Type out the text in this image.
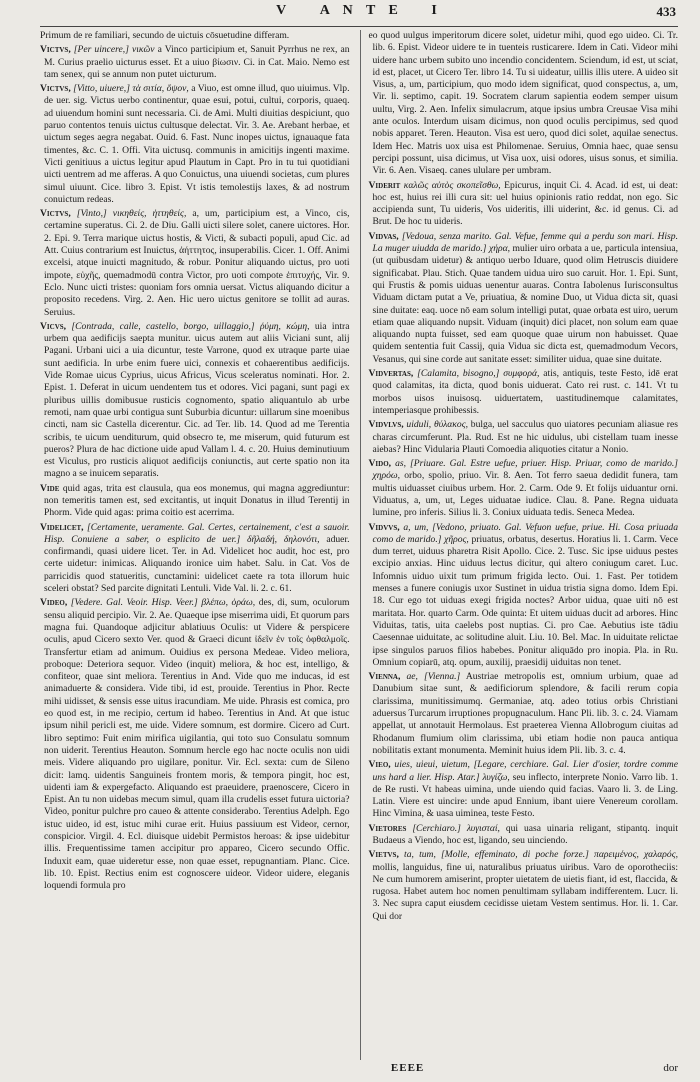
V A N T E I	433

Primum de re familiari, secundo de uictuis cōsuetudine differam.

Victvs, [Per uincere,] νικῶν a Vinco participium et, Sanuit Pyrrhus ne rex, an M. Curius praelio uicturus esset. Et a uiuo βίωσιν. Ci. in Cat. Maio. Nemo est tam senex, qui se annum non putet uicturum.

Victvs, [Vitto, uiuere,] τὰ σιτία, ὄψον, a Viuo, est omne illud, quo uiuimus. Vlp. de uer. sig. Victus uerbo continentur, quae esui, potui, cultui, corporis, quaeq. ad uiuendum homini sunt necessaria. Ci. de Ami. Multi diuitias despiciunt, quo paruo contentos tenuis uictus cultusque delectat. Vir. 3. Ae. Arebant herbae, et uictum seges aegra negabat. Ouid. 6. Fast. Nunc inopes uictus, ignauaque fata timentes, &c. C. 1. Offi. Vita uictusq. communis in amicitijs ingenti maxime. Victi genitiuus a uictus legitur apud Plautum in Capt. Pro in tu tui quotidiani uicti uentrem ad me afferas. A quo Conuictus, una uiuendi societas, cum plures simul uiuunt. Cice. libro 3. Epist. Vt istis temolestijs laxes, & ad nostrum conuictum redeas.

Victvs, [Vinto,] νικηθείς, ἡττηθείς, a, um, participium est, a Vinco, cis, certamine superatus. Ci. 2. de Diu. Galli uicti silere solet, canere uictores. Hor. 2. Epi. 9. Terra marique uictus hostis, & Victi, & subacti populi, apud Cic. ad Att. Cuius contrarium est Inuictus, ἀήττητος, insuperabilis. Cicer. 1. Off. Animi excelsi, atque inuicti magnitudo, & robur. Ponitur aliquando uictus, pro uoti impote, εὐχῆς, quemadmodū contra Victor, pro uoti compote ἐπιτυχής, Vir. 9. Eclo. Nunc uicti tristes: quoniam fors omnia uersat. Victus aliquando dicitur a proposito recedens. Virg. 2. Aen. Hic uero uictus genitore se tollit ad auras. Seruius.

Vicvs, [Contrada, calle, castello, borgo, uillaggio,] ῥύμη, κώμη, uia intra urbem qua aedificijs saepta munitur. uicus autem aut aliis Viciani sunt, alij Pagani. Urbani uici a uia dicuntur, teste Varrone, quod ex utraque parte uiae sunt aedificia. In urbe enim fuere uici, connexis et cohaerentibus aedificijs. Vide Romae uicus Cyprius, uicus Africus, Vicus sceleratus nominati. Hor. 2. Epist. 1. Deferat in uicum uendentem tus et odores. Vici pagani, sunt pagi ex pluribus uillis domibusue rusticis cognomento, spatio aliquantulo ab urbe remoti, nam quae urbi contigua sunt Suburbia dicuntur: uillarum sine moenibus cincti, nam sic Castella dicerentur. Cic. ad Ter. lib. 14. Quod ad me Terentia scribis, te uicum uenditurum, quid obsecro te, me miserum, quid futurum est pueros? Plura de hac dictione uide apud Vallam l. 4. c. 20. Huius deminutiuum est Viculus, pro rusticis aliquot aedificijs coniunctis, aut certe spatio non ita magno a se inuicem separatis.

Vide quid agas, trita est clausula, qua eos monemus, qui magna aggrediuntur: non temeritis tamen est, sed excitantis, ut inquit Donatus in illud Terentij in Phorm. Vide quid agas: prima coitio est acerrima.

Videlicet, [Certamente, ueramente. Gal. Certes, certainement, c'est a sauoir. Hisp. Conuiene a saber, o esplicito de uer.] δῆλαδή, δηλονότι, aduer. confirmandi, quasi uidere licet. Ter. in Ad. Videlicet hoc audit, hoc est, pro certe uidetur: inimicas. Aliquando ironice uim habet. Salu. in Cat. Vos de parricidis quod statueritis, cunctamini: uidelicet caete ra tota illorum huic sceleri obstat? Sed parcite dignitati Lentuli. Vide Val. li. 2. c. 61.

Video, [Vedere. Gal. Veoir. Hisp. Veer.] βλέπω, ὁράω, des, di, sum, oculorum sensu aliquid percipio. Vir. 2. Ae. Quaeque ipse miserrima uidi, Et quorum pars magna fui. Quandoque adjicitur ablatiuus Oculis: ut Videre & perspicere oculis, apud Cicero sexto Ver. quod & Graeci dicunt ἰδεῖν ἐν τοῖς ὀφθαλμοῖς. Transfertur etiam ad animum. Ouidius ex persona Medeae. Video meliora, proboque: Deteriora sequor. Video (inquit) meliora, & hoc est, intelligo, & confiteor, quae sint meliora. Terentius in And. Vide quo me inducas, id est animaduerte & considera. Vide tibi, id est, prouide. Terentius in Phor. Recte mihi uidisset, & sensis esse uitus iracundiam. Me uide. Phrasis est comica, pro eo quod est, in me recipio, certum id habeo. Terentius in And. At que istuc ipsum nihil pericli est, me uide. Videre somnum, est dormire. Cicero ad Curt. libro septimo: Fuit enim mirifica uigilantia, qui toto suo Consulatu somnum non uiderit. Terentius Heauton. Somnum hercle ego hac nocte oculis non uidi meis. Videre aliquando pro uigilare, ponitur. Vir. Ecl. sexta: cum de Sileno dicit: lamq. uidentis Sanguineis frontem moris, & tempora pingit, hoc est, uidenti iam & expergefacto. Aliquando est praeuidere, praenoscere, Cicero in Epist. An tu non uidebas mecum simul, quam illa crudelis esset futura uictoria? Video, ponitur pulchre pro caueo & attente considerabo. Terentius Adelph. Ego istuc uideo, id est, istuc mihi curae erit. Huius passiuum est Videor, cernor, conspicior. Virgil. 4. Ecl. diuisque uidebit Permistos heroas: & ipse uidebitur illis. Frequentissime tamen accipitur pro appareo, Cicero secundo Offic. Induxit eam, quae uideretur esse, non quae esset, repugnantiam. Planc. Cice. lib. 10. Epist. Rectius enim est cognoscere uideor. Videor uidere, eleganis loquendi formula pro

eo quod uulgus imperitorum dicere solet, uidetur mihi, quod ego uideo. Ci. Tr. lib. 6. Epist. Videor uidere te in tuenteis rusticarere. Idem in Cati. Videor mihi uidere hanc urbem subito uno incendio concidentem. Sciendum, id est, ut sciat, id est, placet, ut Cicero Ter. libro 14. Tu si uideatur, uillis illis utere. A uideo sit Visus, a, um, participium, quo modo idem significat, quod conspectus, a, um, Vir. li. septimo, capit. 19. Socratem clarum sapientia eodem semper uisum uultu, Virg. 2. Aen. Infelix simulacrum, atque ipsius umbra Creusae Visa mihi ante oculos. Interdum uisam dicimus, non quod oculis percipimus, sed quod nobis apparet. Teren. Heauton. Visa est uero, quod dici solet, aquilae senectus. Idem Hec. Matris uox uisa est Philomenae. Seruius, Omnia haec, quae sensu percipi possunt, uisa dicimus, ut Visa uox, uisi odores, uisus sonus, et similia. Vir. 6. Aen. Visaeq. canes ululare per umbram.

Viderit καλῶς αὐτὸς σκοπεῖσθω, Epicurus, inquit Ci. 4. Acad. id est, ui deat: hoc est, huius rei illi cura sit: uel huius opinionis ratio reddat, non ego. Sic accipienda sunt, Tu uideris, Vos uideritis, illi uiderint, &c. id genus. Ci. ad Brut. De hoc tu uideris.

Vidvas, [Vedoua, senza marito. Gal. Vefue, femme qui a perdu son mari. Hisp. La muger uiudda de marido.] χήρα, mulier uiro orbata a ue, particula intensiua, (ut quibusdam uidetur) & antiquo uerbo Iduare, quod olim Hetruscis diuidere significabat. Plau. Stich. Quae tandem uidua uiro suo caruit. Hor. 1. Epi. Sunt, qui Frustis & pomis uiduas uenentur auaras. Contra Iabolenus Iurisconsultus Viduam dictam putat a Ve, priuatiua, & nomine Duo, ut Vidua dicta sit, quasi sine duitate: eaq. uoce nō eam solum intelligi putat, quae orbata est uiro, uerum etiam quae aliquando nupsit. Viduam (inquit) dici placet, non solum eam quae aliquando nupta fuisset, sed eam quoque quae uirum non habuisset. Quae quidem sententia fuit Cassij, quia Vidua sic dicta est, quemadmodum Vecors, Vesanus, qui sine corde aut sanitate esset: similiter uidua, quae sine duitate.

Vidvertas, [Calamita, bisogno,] συμφορά, atis, antiquis, teste Festo, idē erat quod calamitas, ita dicta, quod bonis uiduerat. Cato rei rust. c. 141. Vt tu morbos uisos inuisosq. uiduertatem, uastitudinemque calamitates, intemperiasque prohibessis.

Vidvlvs, uiduli, θύλακος, bulga, uel sacculus quo uiatores pecuniam aliasue res charas circumferunt. Pla. Rud. Est ne hic uidulus, ubi cistellam tuam inesse aiebas? Hinc Vidularia Plauti Comoedia aliquoties citatur a Nonio.

Vido, as, [Priuare. Gal. Estre uefue, priuer. Hisp. Priuar, como de marido.] χηρόω, orbo, spolio, priuo. Vir. 8. Aen. Tot ferro saeua dedidit funera, tam multis uiduasset ciuibus urbem. Hor. 2. Carm. Ode 9. Et folijs uiduantur orni. Viduatus, a, um, ut, Leges uiduatae iudice. Clau. 8. Pane. Regna uiduata lumine, pro inferis. Silius li. 3. Coniux uiduata tedis. Seneca Medea.

Vidvvs, a, um, [Vedono, priuato. Gal. Vefuon uefue, priue. Hi. Cosa priuada como de marido.] χῆρος, priuatus, orbatus, desertus. Horatius li. 1. Carm. Vece dum terret, uiduus pharetra Risit Apollo. Cice. 2. Tusc. Sic ipse uiduus pestes excipio anxias. Hinc uiduus lectus dicitur, qui altero coniugum caret. Luc. Infomnis uiduo uixit tum primum frigida lecto. Oui. 1. Fast. Per totidem menses a funere coniugis uxor Sustinet in uidua tristia signa domo. Idem Epi. 18. Cur ego tot uiduas exegi frigida noctes? Arbor uidua, quae uiti nō est maritata. Hor. quarto Carm. Ode quinta: Et uitem uiduas ducit ad arbores. Hinc Viduitas, tatis, uita caelebs post nuptias. Ci. pro Cae. Aebutius iste tādiu Caesennae uiduitate, ac solitudine aluit. Liu. 10. Bel. Mac. In uiduitate relictae ipse singulos paruos filios habebes. Ponitur aliquādo pro inopia. Pla. in Ru. Omnium copiarū, atq. opum, auxilij, praesidij uiduitas non tenet.

Vienna, ae, [Vienna.] Austriae metropolis est, omnium urbium, quae ad Danubium sitae sunt, & aedificiorum splendore, & facili rerum copia clarissima, munitissimumq. Germaniae, atq. adeo totius orbis Christiani aduersus Turcarum irruptiones propugnaculum. Hanc Pli. lib. 3. c. 24. Viamam appellat, ut annotauit Hermolaus. Est praeterea Vienna Allobrogum ciuitas ad Rhodanum flumium olim clarissima, ubi etiam hodie non pauca antiqua nobilitatis extant monumenta. Meminit huius idem Pli. lib. 3. c. 4.

Vieo, uies, uieui, uietum, [Legare, cerchiare. Gal. Lier d'osier, tordre comme uns hard a lier. Hisp. Atar.] λυγίζω, seu inflecto, interprete Nonio. Varro lib. 1. de Re rusti. Vt habeas uimina, unde uiendo quid facias. Vaaro li. 3. de Ling. Latin. Viere est uincire: unde apud Ennium, ibant uiere Venereum corollam. Hinc Vimina, & uasa uiminea, teste Festo.

Vietores [Cerchiaro.] λυγισταί, qui uasa uinaria religant, stipantq. inquit Budaeus a Viendo, hoc est, ligando, seu uinciendo.

Vietvs, ta, tum, [Molle, effeminato, di poche forze.] παρειμένος, χαλαρός, mollis, languidus, fine ui, naturalibus priuatus uiribus. Varo de oporotheciis: Ne cum humorem amiserint, propter uietatem de uietis fiant, id est, flaccida, & rugosa. Habet autem hoc nomen penultimam syllabam indifferentem. Lucr. li. 3. Nec supra caput eiusdem cecidisse uietam Vestem sentimus. Hor. li. 1. Car. Qui dor

EEEE	dor
